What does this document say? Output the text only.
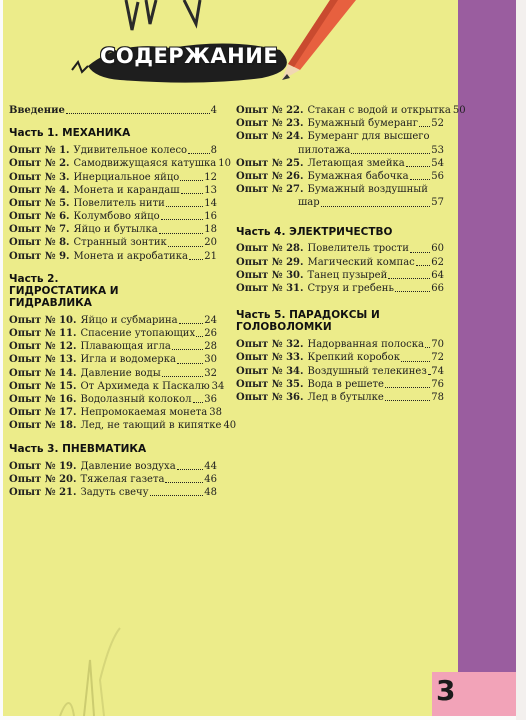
СОДЕРЖАНИЕ
3
Введение	4
Часть 1. МЕХАНИКА
Опыт № 1. Удивительное колесо 8
Опыт № 2. Самодвижущаяся катушка 10
Опыт № 3. Инерциальное яйцо 12
Опыт № 4. Монета и карандаш 13
Опыт № 5. Повелитель нити	14
Опыт № 6. Колумбово яйцо	16
Опыт № 7. Яйцо и бутылка	18
Опыт № 8. Странный зонтик	20
Опыт № 9. Монета и акробатика 21
Часть 2. ГИДРОСТАТИКА И ГИДРАВЛИКА
Опыт № 10. Яйцо и субмарина	24
Опыт № 11. Спасение утопающих 26
Опыт № 12. Плавающая игла	28
Опыт № 13. Игла и водомерка	30
Опыт № 14. Давление воды	32
Опыт № 15. От Архимеда к Паскалю 34
Опыт № 16. Водолазный колокол 36
Опыт № 17. Непромокаемая монета 38
Опыт № 18. Лед, не тающий в кипятке 40
Часть 3. ПНЕВМАТИКА
Опыт № 19. Давление воздуха	44
Опыт № 20. Тяжелая газета	46
Опыт № 21. Задуть свечу	48
Опыт № 22. Стакан с водой и открытка 50
Опыт № 23. Бумажный бумеранг 52
Опыт № 24. Бумеранг для высшего
пилотажа	53
Опыт № 25. Летающая змейка	54
Опыт № 26. Бумажная бабочка 56
Опыт № 27. Бумажный воздушный
шар	57
Часть 4. ЭЛЕКТРИЧЕСТВО
Опыт № 28. Повелитель трости 60
Опыт № 29. Магический компас 62
Опыт № 30. Танец пузырей	64
Опыт № 31. Струя и гребень	66
Часть 5. ПАРАДОКСЫ И ГОЛОВОЛОМКИ
Опыт № 32. Надорванная полоска 70
Опыт № 33. Крепкий коробок	72
Опыт № 34. Воздушный телекинез 74
Опыт № 35. Вода в решете	76
Опыт № 36. Лед в бутылке	78
